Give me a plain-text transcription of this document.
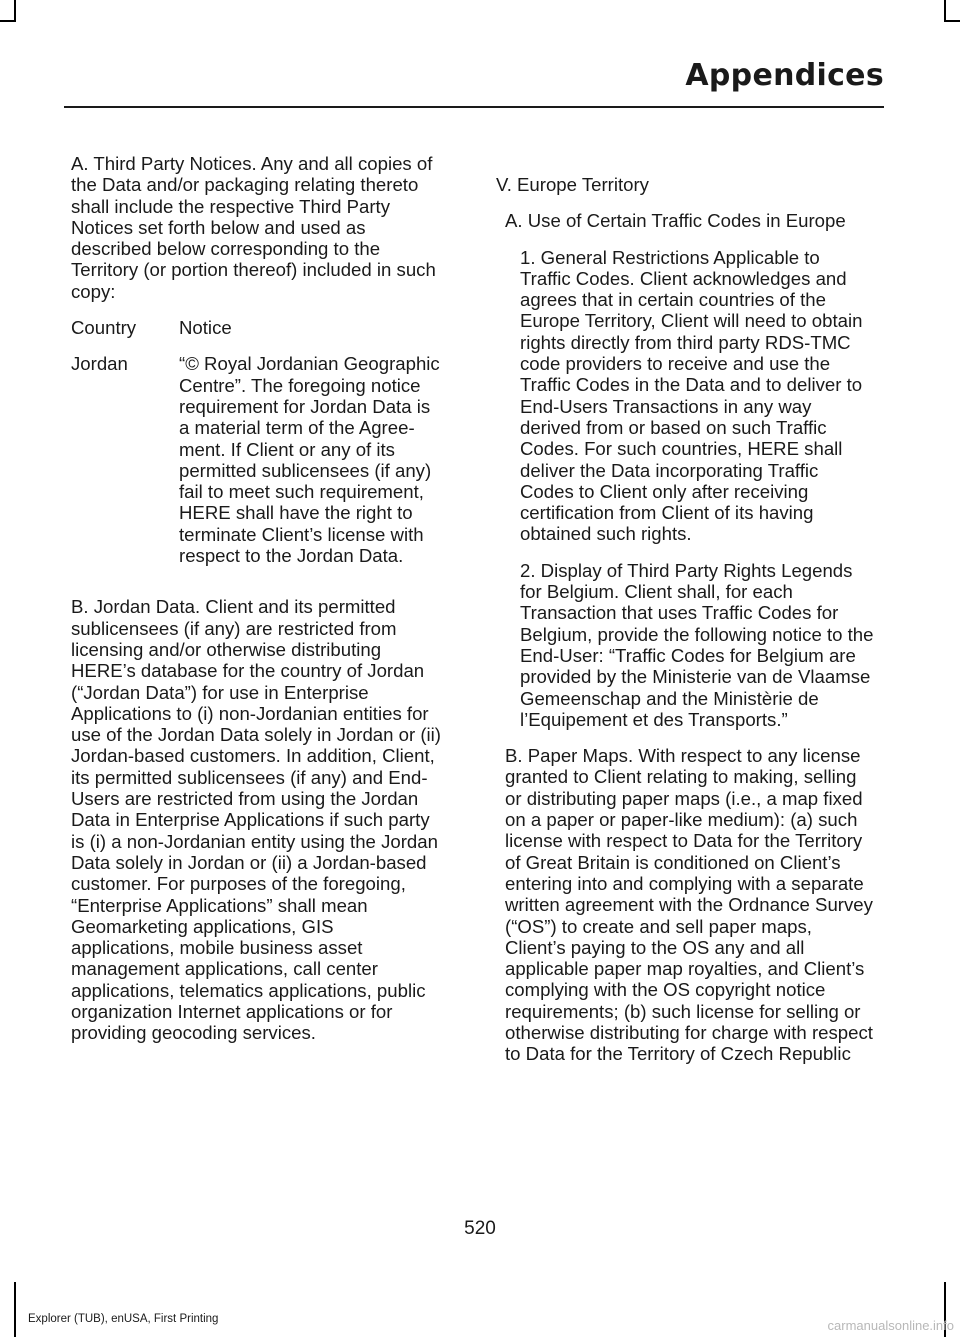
Appendices

A. Third Party Notices. Any and all copies of the Data and/or packaging relating thereto shall include the respective Third Party Notices set forth below and used as described below corresponding to the Territory (or portion thereof) included in such copy:

Country	Notice
Jordan	“© Royal Jordanian Geographic Centre”. The foregoing notice requirement for Jordan Data is a material term of the Agreement. If Client or any of its permitted sublicensees (if any) fail to meet such requirement, HERE shall have the right to terminate Client’s license with respect to the Jordan Data.

B. Jordan Data. Client and its permitted sublicensees (if any) are restricted from licensing and/or otherwise distributing HERE’s database for the country of Jordan (“Jordan Data”) for use in Enterprise Applications to (i) non-Jordanian entities for use of the Jordan Data solely in Jordan or (ii) Jordan-based customers. In addition, Client, its permitted sublicensees (if any) and End-Users are restricted from using the Jordan Data in Enterprise Applications if such party is (i) a non-Jordanian entity using the Jordan Data solely in Jordan or (ii) a Jordan-based customer. For purposes of the foregoing, “Enterprise Applications” shall mean Geomarketing applications, GIS applications, mobile business asset management applications, call center applications, telematics applications, public organization Internet applications or for providing geocoding services.

V. Europe Territory

A. Use of Certain Traffic Codes in Europe

1. General Restrictions Applicable to Traffic Codes. Client acknowledges and agrees that in certain countries of the Europe Territory, Client will need to obtain rights directly from third party RDS-TMC code providers to receive and use the Traffic Codes in the Data and to deliver to End-Users Transactions in any way derived from or based on such Traffic Codes. For such countries, HERE shall deliver the Data incorporating Traffic Codes to Client only after receiving certification from Client of its having obtained such rights.

2. Display of Third Party Rights Legends for Belgium. Client shall, for each Transaction that uses Traffic Codes for Belgium, provide the following notice to the End-User: “Traffic Codes for Belgium are provided by the Ministerie van de Vlaamse Gemeenschap and the Ministèrie de l’Equipement et des Transports.”

B. Paper Maps. With respect to any license granted to Client relating to making, selling or distributing paper maps (i.e., a map fixed on a paper or paper-like medium): (a) such license with respect to Data for the Territory of Great Britain is conditioned on Client’s entering into and complying with a separate written agreement with the Ordnance Survey (“OS”) to create and sell paper maps, Client’s paying to the OS any and all applicable paper map royalties, and Client’s complying with the OS copyright notice requirements; (b) such license for selling or otherwise distributing for charge with respect to Data for the Territory of Czech Republic

520
Explorer (TUB), enUSA, First Printing	carmanualsonline.info
